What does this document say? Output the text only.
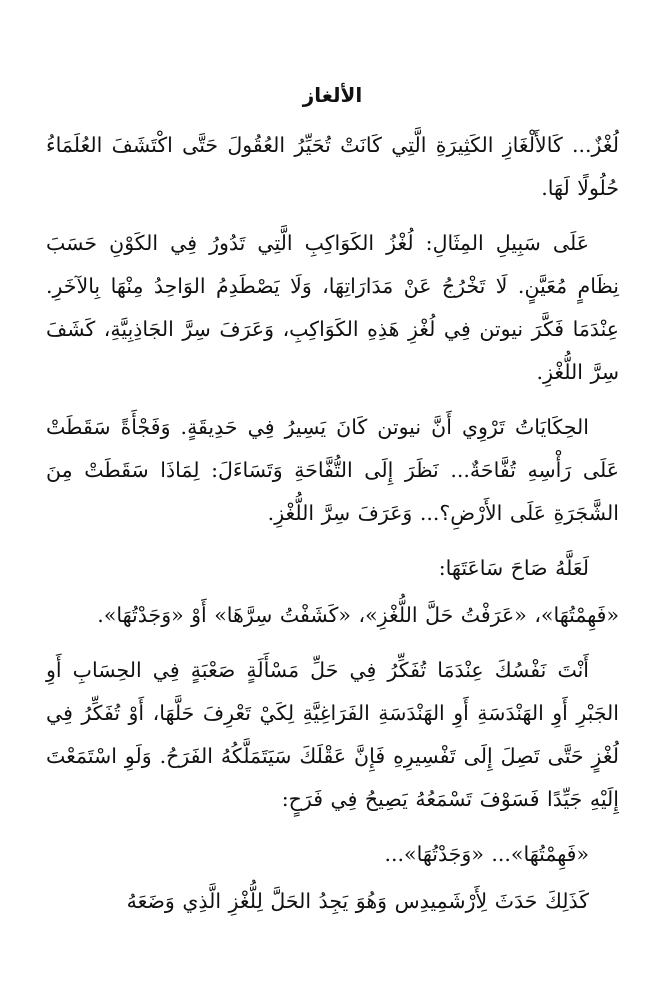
الألغاز

لُغْزٌ... كَالأَلْغَازِ الكَثِيرَةِ الَّتِي كَانَتْ تُحَيِّرُ العُقُولَ حَتَّى اكْتَشَفَ العُلَمَاءُ حُلُولًا لَهَا.

عَلَى سَبِيلِ المِثَالِ: لُغْزُ الكَوَاكِبِ الَّتِي تَدُورُ فِي الكَوْنِ حَسَبَ نِظَامٍ مُعَيَّنٍ. لَا تَخْرُجُ عَنْ مَدَارَاتِهَا، وَلَا يَصْطَدِمُ الوَاحِدُ مِنْهَا بِالآخَرِ. عِنْدَمَا فَكَّرَ نيوتن فِي لُغْزِ هَذِهِ الكَوَاكِبِ، وَعَرَفَ سِرَّ الجَاذِبِيَّةِ، كَشَفَ سِرَّ اللُّغْزِ.

الحِكَايَاتُ تَرْوِي أَنَّ نيوتن كَانَ يَسِيرُ فِي حَدِيقَةٍ. وَفَجْأَةً سَقَطَتْ عَلَى رَأْسِهِ تُفَّاحَةٌ... نَظَرَ إِلَى التُّفَّاحَةِ وَتَسَاءَلَ: لِمَاذَا سَقَطَتْ مِنَ الشَّجَرَةِ عَلَى الأَرْضِ؟... وَعَرَفَ سِرَّ اللُّغْزِ.

لَعَلَّهُ صَاحَ سَاعَتَهَا:

«فَهِمْتُهَا»، «عَرَفْتُ حَلَّ اللُّغْزِ»، «كَشَفْتُ سِرَّهَا» أَوْ «وَجَدْتُهَا».

أَنْتَ نَفْسُكَ عِنْدَمَا تُفَكِّرُ فِي حَلِّ مَسْأَلَةٍ صَعْبَةٍ فِي الحِسَابِ أَوِ الجَبْرِ أَوِ الهَنْدَسَةِ أَوِ الهَنْدَسَةِ الفَرَاغِيَّةِ لِكَيْ تَعْرِفَ حَلَّهَا، أَوْ تُفَكِّرُ فِي لُغْزٍ حَتَّى تَصِلَ إِلَى تَفْسِيرِهِ فَإِنَّ عَقْلَكَ سَيَتَمَلَّكُهُ الفَرَحُ. وَلَوِ اسْتَمَعْتَ إِلَيْهِ جَيِّدًا فَسَوْفَ تَسْمَعُهُ يَصِيحُ فِي فَرَحٍ:

«فَهِمْتُهَا»... «وَجَدْتُهَا»...

كَذَلِكَ حَدَثَ لِأَرْشَمِيدِس وَهُوَ يَجِدُ الحَلَّ لِلُّغْزِ الَّذِي وَضَعَهُ
